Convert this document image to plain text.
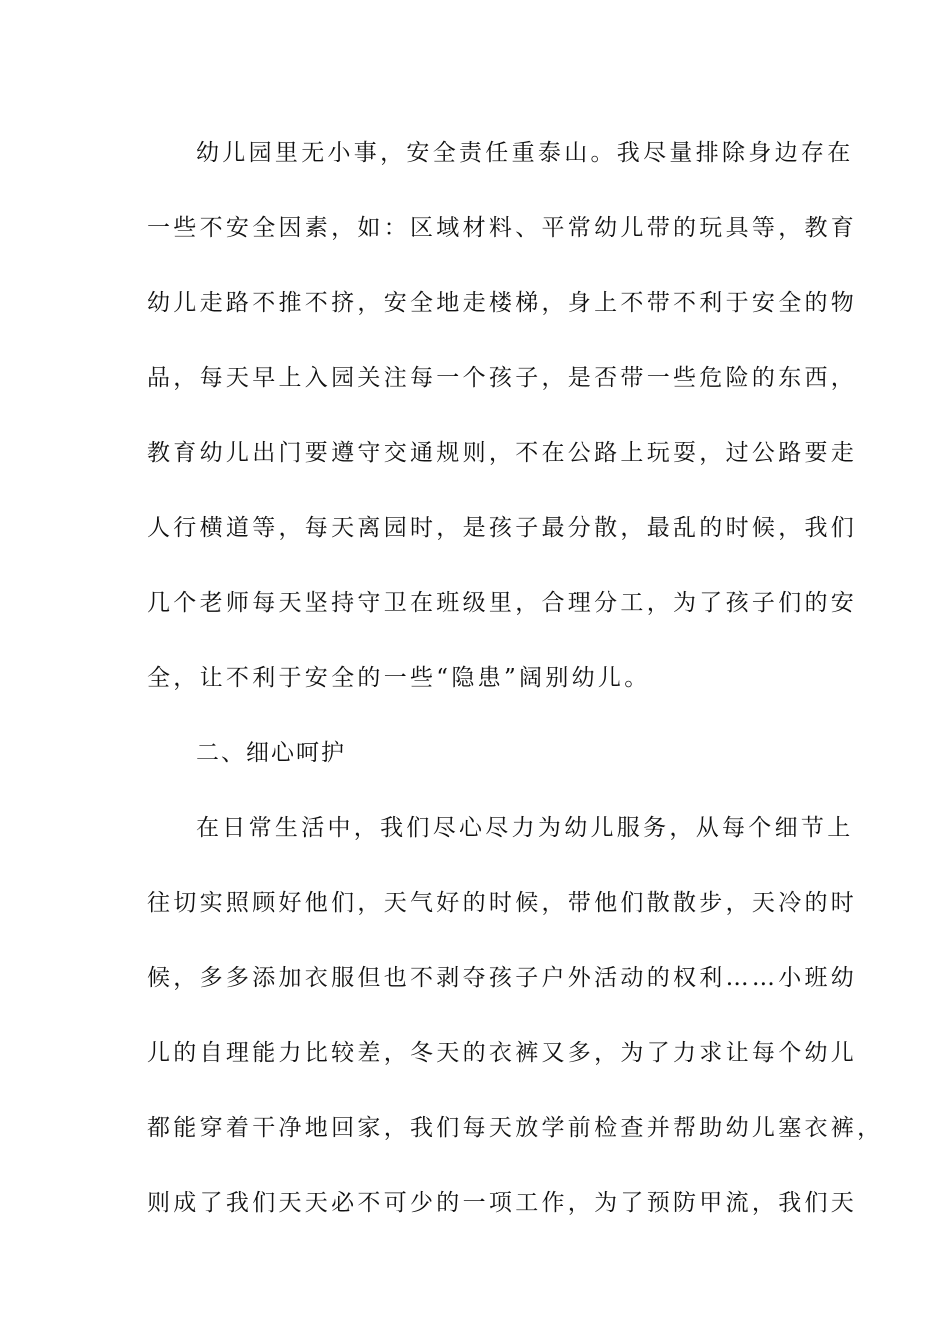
幼儿园里无小事，安全责任重泰山。我尽量排除身边存在
一些不安全因素，如：区域材料、平常幼儿带的玩具等，教育
幼儿走路不推不挤，安全地走楼梯，身上不带不利于安全的物
品，每天早上入园关注每一个孩子，是否带一些危险的东西，
教育幼儿出门要遵守交通规则，不在公路上玩耍，过公路要走
人行横道等，每天离园时，是孩子最分散，最乱的时候，我们
几个老师每天坚持守卫在班级里，合理分工，为了孩子们的安
全，让不利于安全的一些“隐患”阔别幼儿。
二、细心呵护
在日常生活中，我们尽心尽力为幼儿服务，从每个细节上
往切实照顾好他们，天气好的时候，带他们散散步，天冷的时
候，多多添加衣服但也不剥夺孩子户外活动的权利……小班幼
儿的自理能力比较差，冬天的衣裤又多，为了力求让每个幼儿
都能穿着干净地回家，我们每天放学前检查并帮助幼儿塞衣裤，
则成了我们天天必不可少的一项工作，为了预防甲流，我们天
